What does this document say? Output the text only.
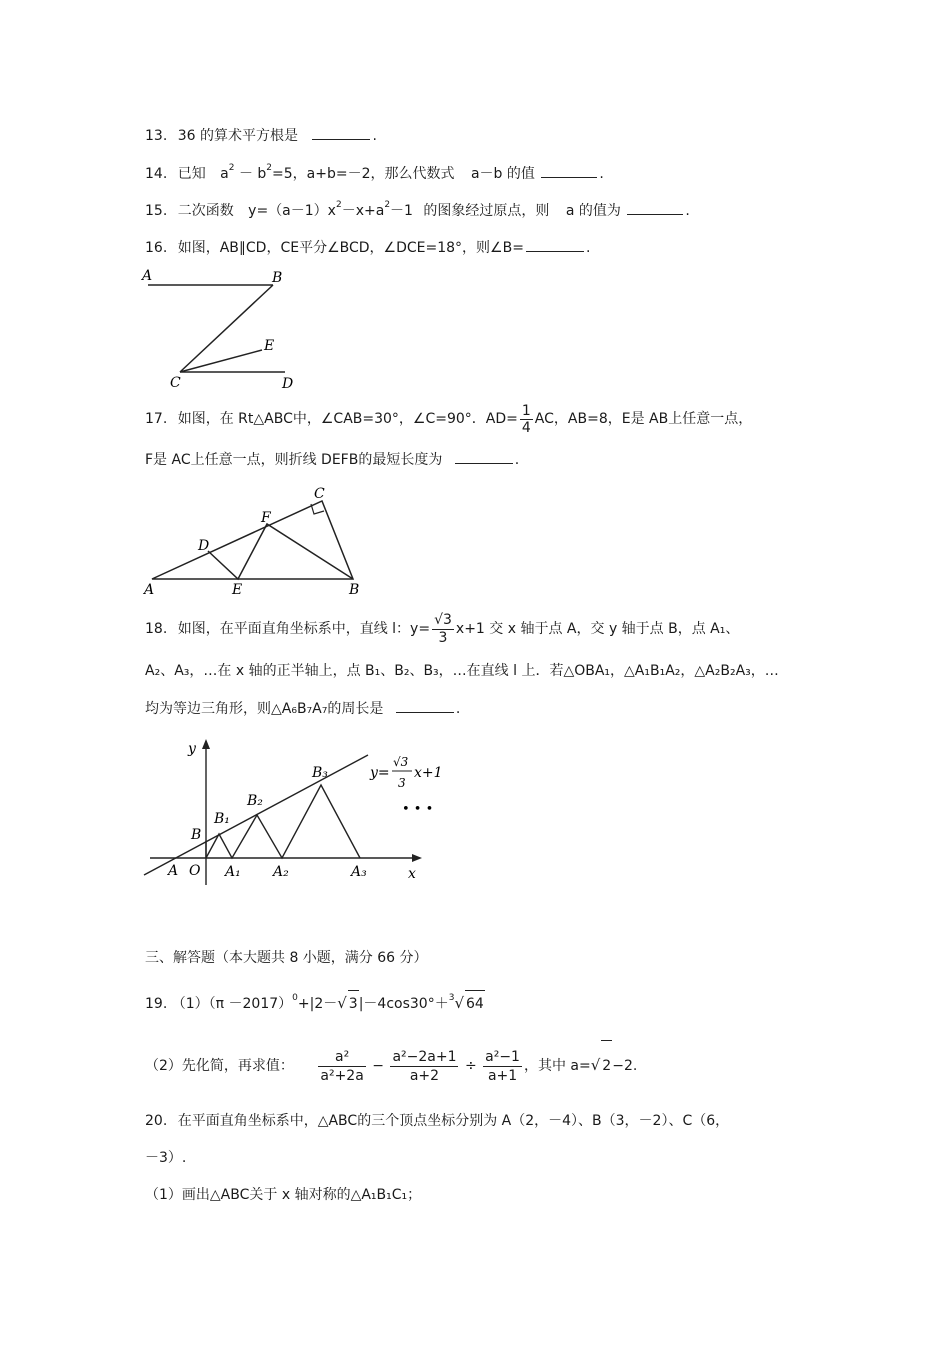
13. 36 的算术平方根是	.
14. 已知 $a^2 - b^2=5$，a+b=－2，那么代数式 a－b 的值	.
15. 二次函数 $y=(a-1)x^2-x+a^2-1$ 的图象经过原点，则 a 的值为	.
16. 如图，AB∥CD，CE平分∠BCD，∠DCE=18°，则∠B=	.
A	B
E
C	D
17. 如图，在 Rt△ABC中，∠CAB=30°，∠C=90°．$AD= \frac{1}{4}$ AC，AB=8，E是 AB上任意一点，
F是 AC上任意一点，则折线 DEFB的最短长度为	.
C
F
D
A	E	B
18. 如图，在平面直角坐标系中，直线 l：$y= \frac{√3}{3} x+1$ 交 x 轴于点 A，交 y 轴于点 B，点 A₁、
A₂、A₃，…在 x 轴的正半轴上，点 B₁、B₂、B₃，…在直线 l 上．若△OBA₁，△A₁B₁A₂，△A₂B₂A₃，…
均为等边三角形，则△A₆B₇A₇的周长是	.
y
B₃
B₂
B₁
B
A O A₁ A₂	A₃	x
y=
√3
3
x+1
• • •
三、解答题（本大题共 8 小题，满分 66 分）
19. $(1)(\pi -2017)^0+|2-√$ 3|－4cos30°＋$^3$√ 64
（2）先化简，再求值： $\frac{\text{a²}}{\text{a²+2a}} - \frac{\text{a²−2a+1}}{a+2} \div \frac{\text{a²−1}}{a+1}$ ，其中 a=√ 2−2.
20. 在平面直角坐标系中，△ABC的三个顶点坐标分别为 A（2，－4）、B（3，－2）、C（6，
－3）.
（1）画出△ABC关于 x 轴对称的△A₁B₁C₁；
